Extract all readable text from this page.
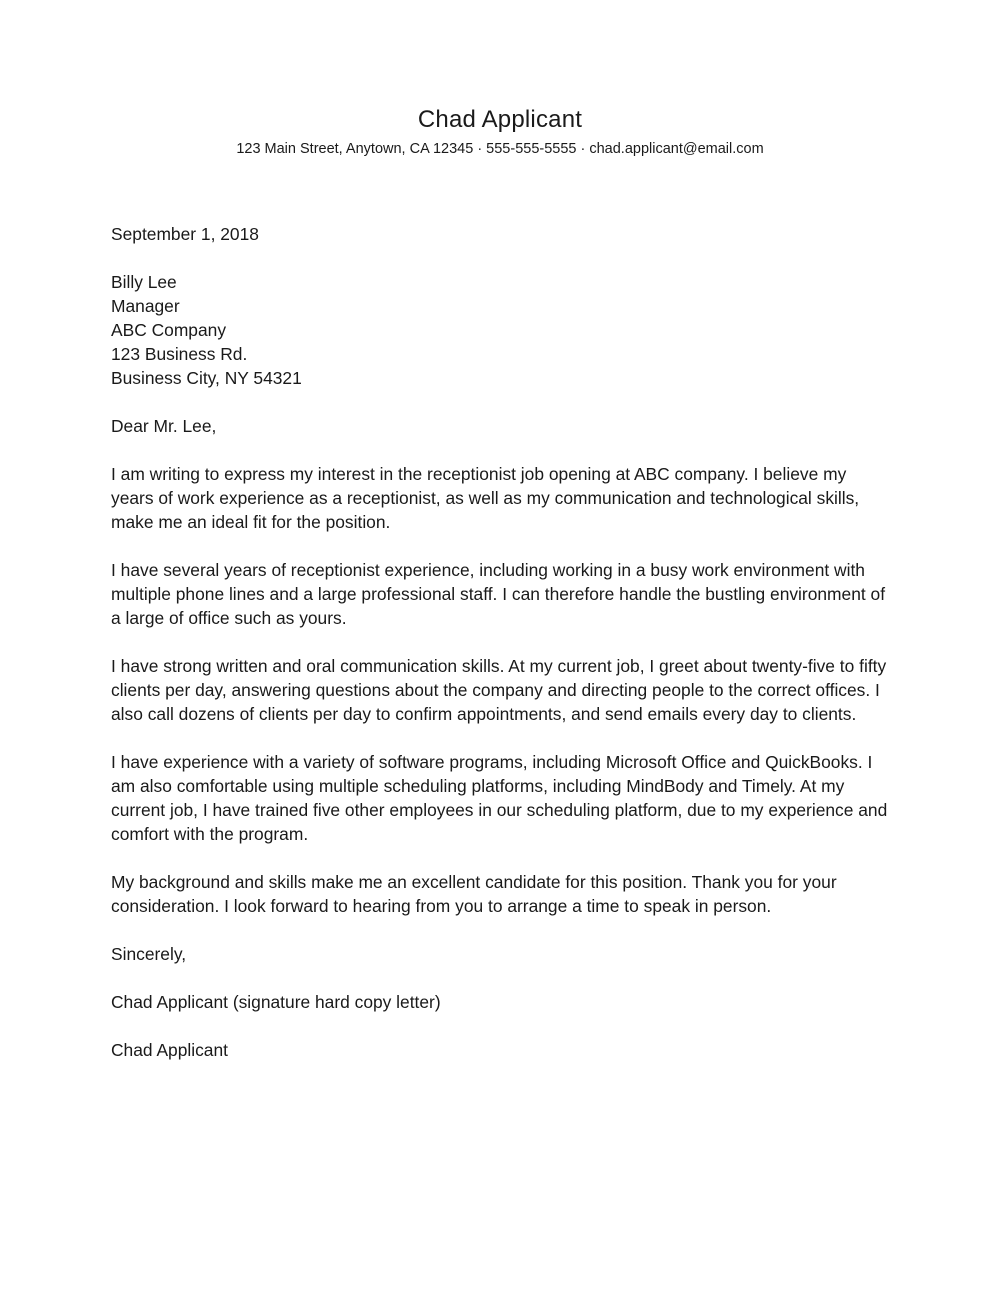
Chad Applicant
123 Main Street, Anytown, CA 12345 · 555-555-5555 · chad.applicant@email.com

September 1, 2018

Billy Lee
Manager
ABC Company
123 Business Rd.
Business City, NY 54321

Dear Mr. Lee,

I am writing to express my interest in the receptionist job opening at ABC company. I believe my years of work experience as a receptionist, as well as my communication and technological skills, make me an ideal fit for the position.

I have several years of receptionist experience, including working in a busy work environment with multiple phone lines and a large professional staff. I can therefore handle the bustling environment of a large of office such as yours.

I have strong written and oral communication skills. At my current job, I greet about twenty-five to fifty clients per day, answering questions about the company and directing people to the correct offices. I also call dozens of clients per day to confirm appointments, and send emails every day to clients.

I have experience with a variety of software programs, including Microsoft Office and QuickBooks. I am also comfortable using multiple scheduling platforms, including MindBody and Timely. At my current job, I have trained five other employees in our scheduling platform, due to my experience and comfort with the program.

My background and skills make me an excellent candidate for this position. Thank you for your consideration. I look forward to hearing from you to arrange a time to speak in person.

Sincerely,

Chad Applicant (signature hard copy letter)

Chad Applicant
